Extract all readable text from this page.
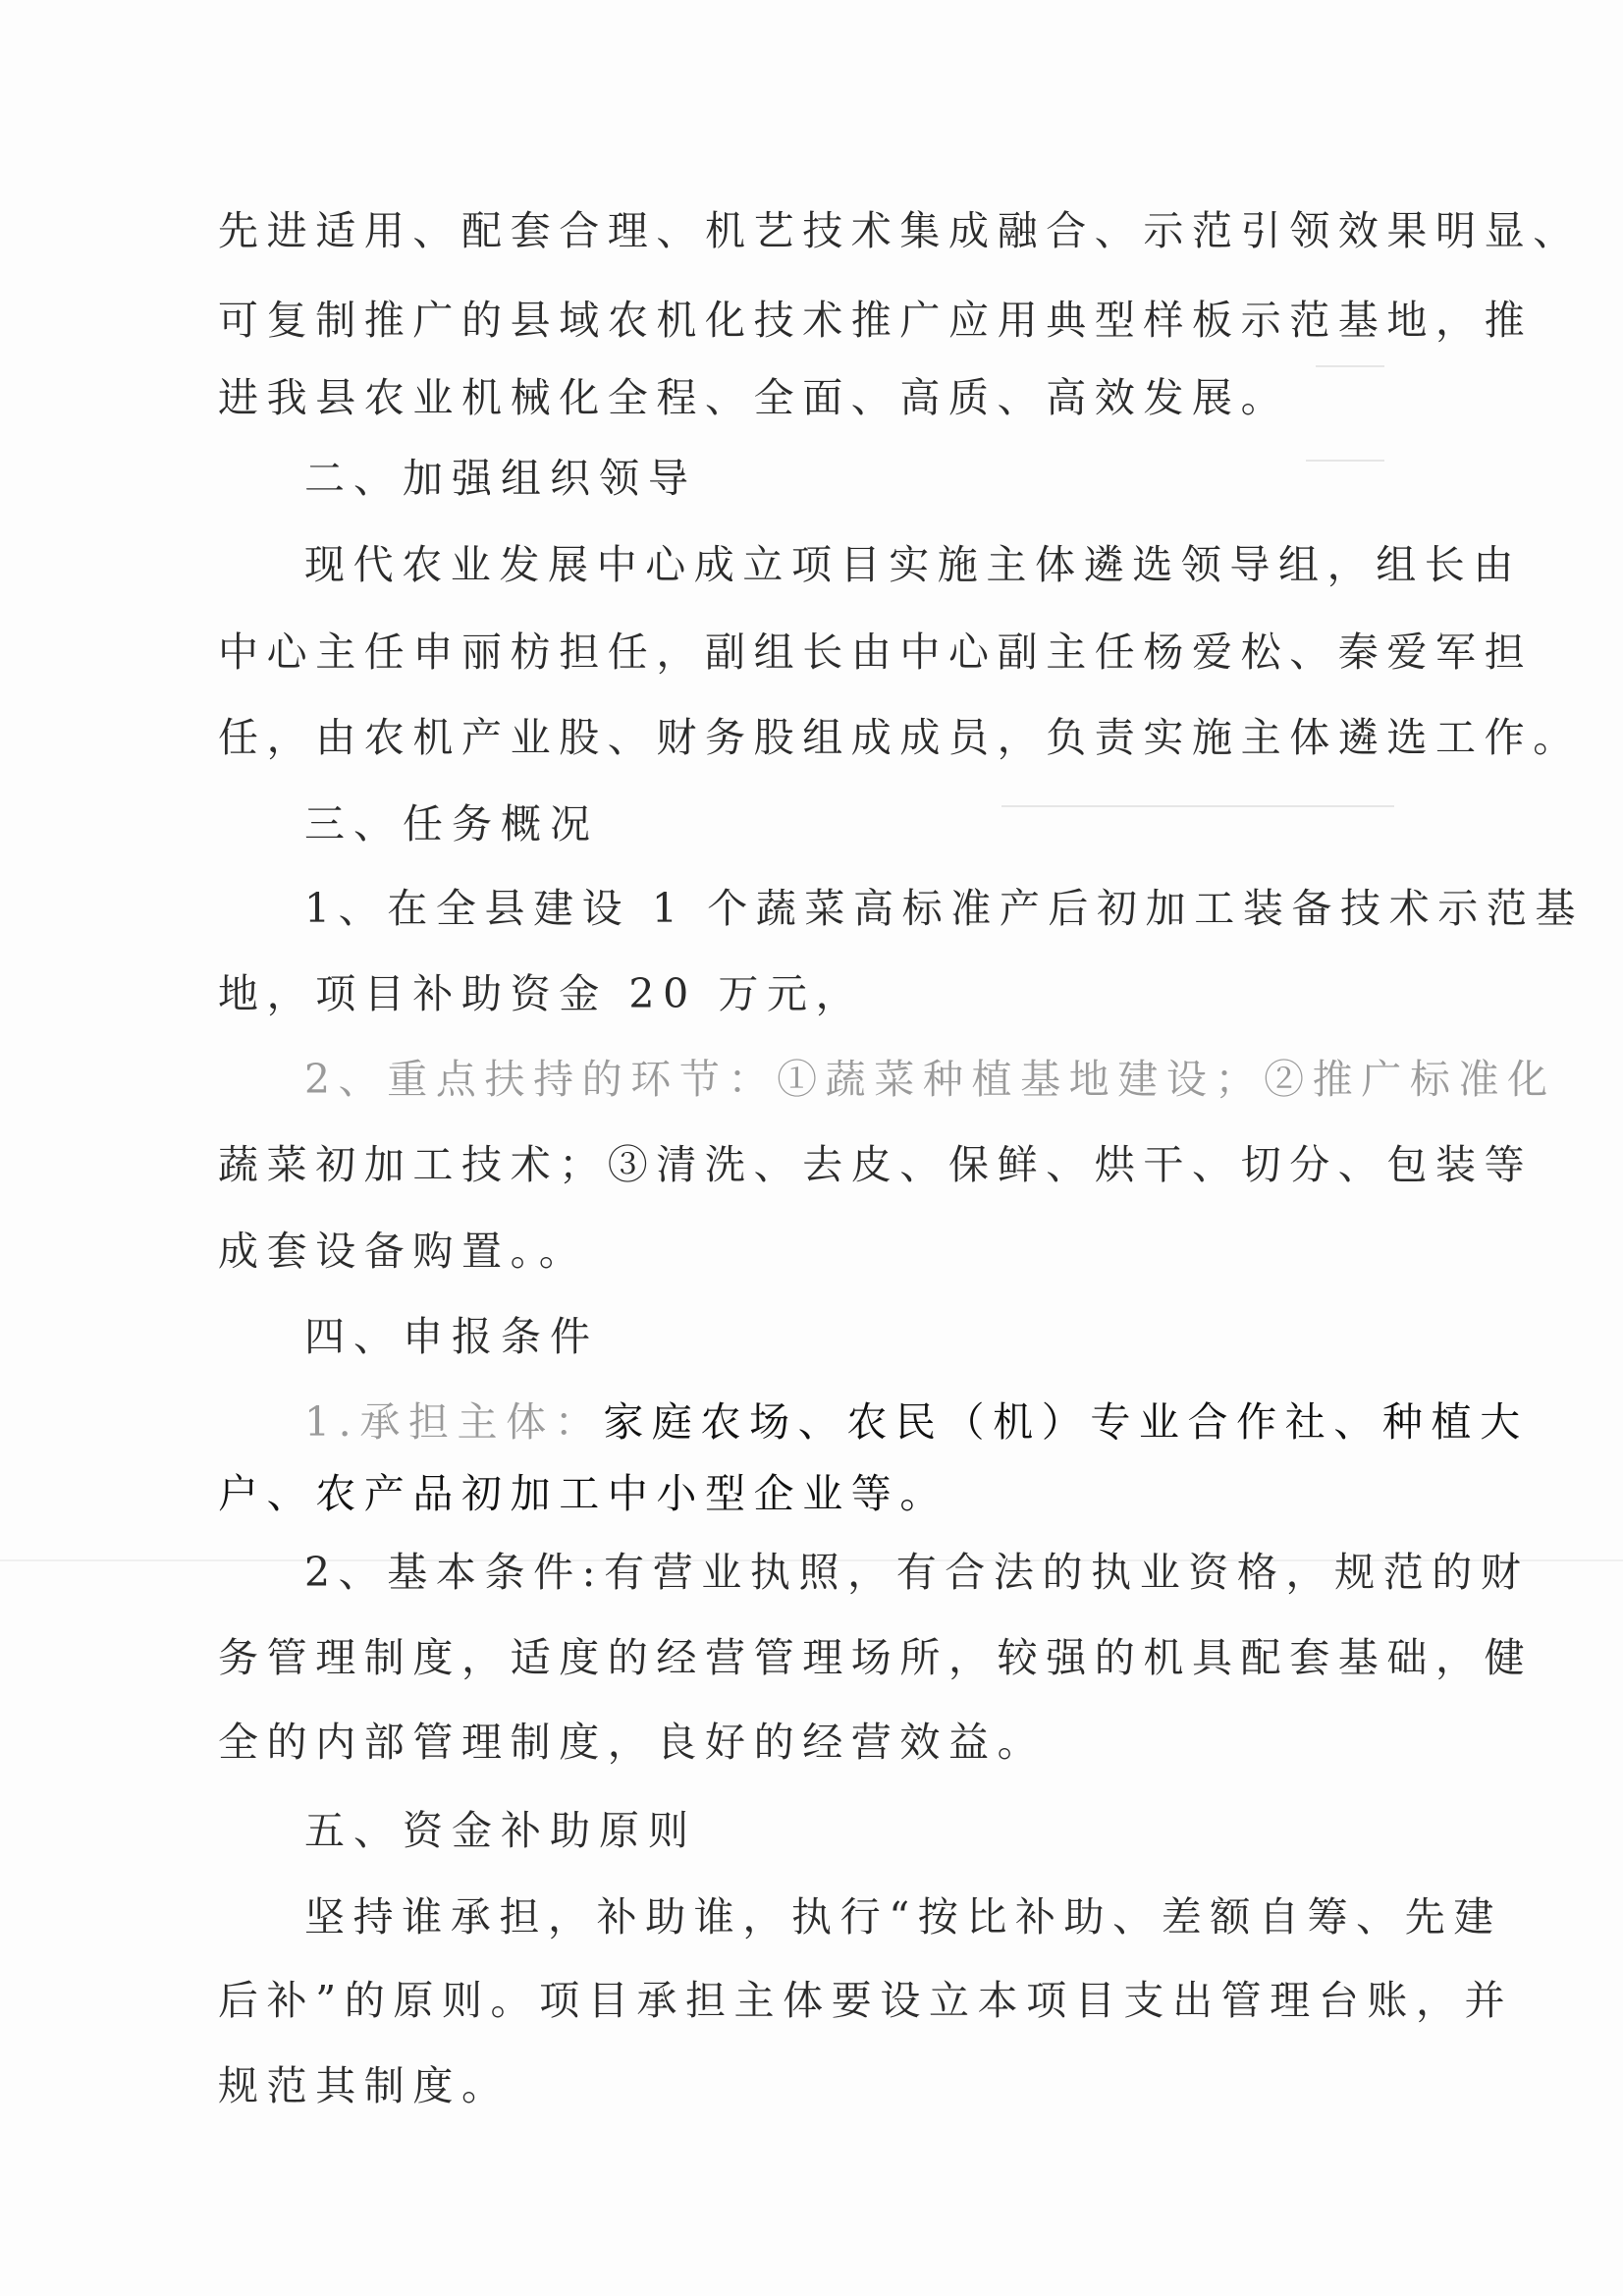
先进适用、配套合理、机艺技术集成融合、示范引领效果明显、
可复制推广的县域农机化技术推广应用典型样板示范基地，推
进我县农业机械化全程、全面、高质、高效发展。
二、加强组织领导
现代农业发展中心成立项目实施主体遴选领导组，组长由
中心主任申丽枋担任，副组长由中心副主任杨爱松、秦爱军担
任，由农机产业股、财务股组成成员，负责实施主体遴选工作。
三、任务概况
1、在全县建设 1 个蔬菜高标准产后初加工装备技术示范基
地，项目补助资金 20 万元，
2、重点扶持的环节：①蔬菜种植基地建设；②推广标准化
蔬菜初加工技术；③清洗、去皮、保鲜、烘干、切分、包装等
成套设备购置。。
四、申报条件
1.承担主体：家庭农场、农民（机）专业合作社、种植大
户、农产品初加工中小型企业等。
2、基本条件:有营业执照，有合法的执业资格，规范的财
务管理制度，适度的经营管理场所，较强的机具配套基础，健
全的内部管理制度，良好的经营效益。
五、资金补助原则
坚持谁承担，补助谁，执行“按比补助、差额自筹、先建
后补”的原则。项目承担主体要设立本项目支出管理台账，并
规范其制度。
